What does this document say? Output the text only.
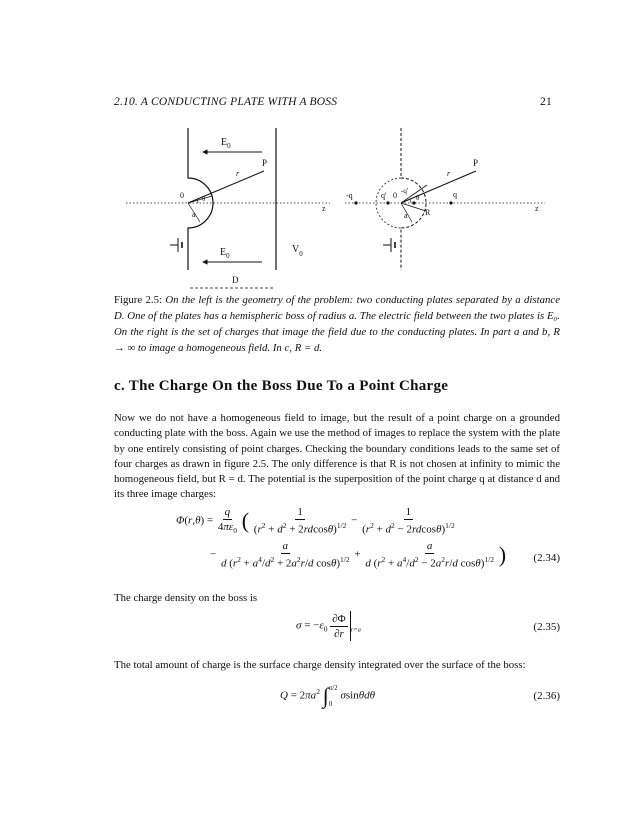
2.10. A CONDUCTING PLATE WITH A BOSS	21
$E_0$
P
r
0	θ
a
z
$E_0$
$V_0$
D
P
r
-q	q' 0 -q'
θ	q
a R	z
Figure 2.5: On the left is the geometry of the problem: two conducting plates separated by a distance D. One of the plates has a hemispheric boss of radius a. The electric field between the two plates is E₀. On the right is the set of charges that image the field due to the conducting plates. In part a and b, R → ∞ to image a homogeneous field. In c, R = d.
c. The Charge On the Boss Due To a Point Charge
Now we do not have a homogeneous field to image, but the result of a point charge on a grounded conducting plate with the boss. Again we use the method of images to replace the system with the plate by one entirely consisting of point charges. Checking the boundary conditions leads to the same set of four charges as drawn in figure 2.5. The only difference is that R is not chosen at infinity to mimic the homogeneous field, but R = d. The potential is the superposition of the point charge q at distance d and its three image charges:
$\Phi(r,\theta) = \frac{q}{4\pi\varepsilon_0}$ ( $\frac{1}{(r^2 + d^2 + 2rdcos\theta)^{1/2}} - \frac{1}{(r^2 + d^2 - 2rdcos\theta)^{1/2}}$
− $\frac{a}{d (r^2 + a^4/d^2 + 2a^2r/d \cos\theta)^{1/2}} + \frac{a}{d (r^2 + a^4/d^2 - 2a^2r/d \cos\theta)^{1/2}}$ )	(2.34)
The charge density on the boss is
$\sigma = -\varepsilon_0 \frac{\partial\Phi}{\partial r} _{r=a}$	(2.35)
The total amount of charge is the surface charge density integrated over the surface of the boss:
$Q = 2\pi a^2$ ∫ π/2
0
σsinθdθ	(2.36)
